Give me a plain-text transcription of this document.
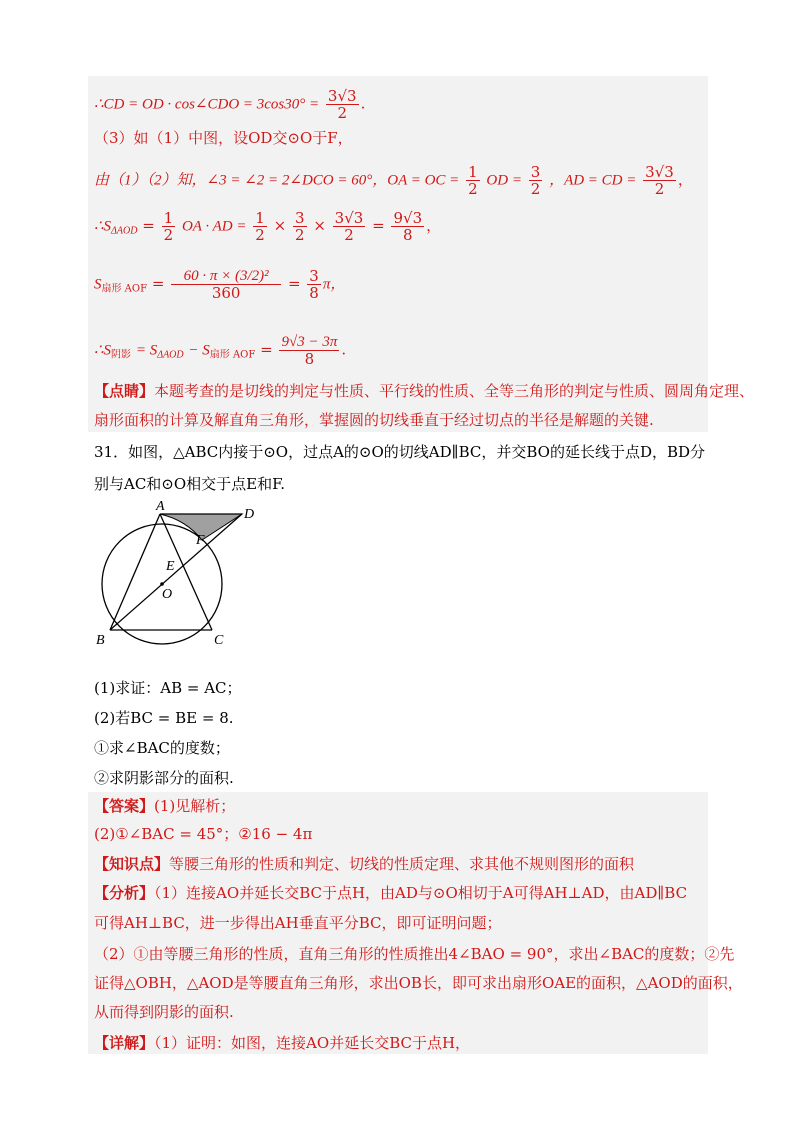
∴CD = OD · cos∠CDO = $3\cos 30^\circ = \frac{3√3}{2}$ .
（3）如（1）中图，设OD交⊙O于F，
由（1）（2）知，∠3 = ∠2 = 2∠DCO = 60°，OA = OC = $\frac{1}{2}$ OD = $\frac{3}{2}$ ，AD = CD = $\frac{3√3}{2}$ ，
$\therefore S_{\Delta AOD} = \frac{1}{2}$ OA · AD = $\frac{1}{2} \times \frac{3}{2} \times \frac{3√3}{2} = \frac{9√3}{8}$ ，
$S_{扇形 AOF} = \frac{\text{60 · π × (3/2)²}}{360} = \frac{3}{8}$ π，
$\therefore S_{阴影} = S_{\Delta AOD} - S_{扇形 AOF} = \frac{9√3 - 3\pi}{8}$ .
【点睛】本题考查的是切线的判定与性质、平行线的性质、全等三角形的判定与性质、圆周角定理、
扇形面积的计算及解直角三角形，掌握圆的切线垂直于经过切点的半径是解题的关键.
31．如图，△ABC内接于⊙O，过点A的⊙O的切线AD∥BC，并交BO的延长线于点D，BD分
别与AC和⊙O相交于点E和F.
A
B	C
D
E
F
O
(1)求证：AB = AC；
(2)若BC = BE = 8.
①求∠BAC的度数；
②求阴影部分的面积.
【答案】(1)见解析；
(2)①∠BAC = 45°；②16 − 4π
【知识点】等腰三角形的性质和判定、切线的性质定理、求其他不规则图形的面积
【分析】（1）连接AO并延长交BC于点H，由AD与⊙O相切于A可得AH⊥AD，由AD∥BC
可得AH⊥BC，进一步得出AH垂直平分BC，即可证明问题；
（2）①由等腰三角形的性质，直角三角形的性质推出4∠BAO = 90°，求出∠BAC的度数；②先
证得△OBH，△AOD是等腰直角三角形，求出OB长，即可求出扇形OAE的面积，△AOD的面积，
从而得到阴影的面积.
【详解】（1）证明：如图，连接AO并延长交BC于点H，
